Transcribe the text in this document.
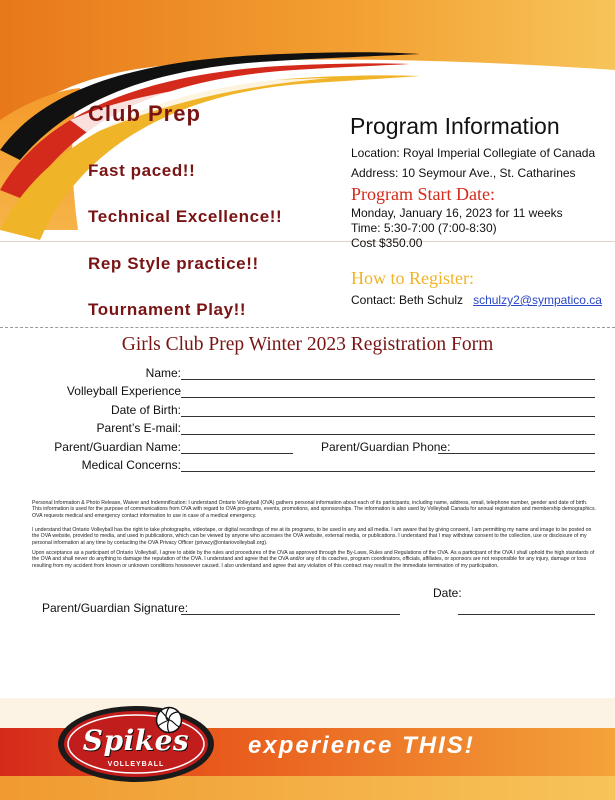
Club Prep
Fast paced!!
Technical Excellence!!
Rep Style practice!!
Tournament Play!!
Program Information
Location: Royal Imperial Collegiate of Canada
Address: 10 Seymour Ave., St. Catharines
Program Start Date:
Monday, January 16, 2023 for 11 weeks
Time: 5:30-7:00 (7:00-8:30)
Cost $350.00
How to Register:
Contact: Beth Schulz schulzy2@sympatico.ca
Girls Club Prep Winter 2023 Registration Form
Name:
Volleyball Experience
Date of Birth:
Parent’s E-mail:
Parent/Guardian Name:	Parent/Guardian Phone:
Medical Concerns:
Personal Information & Photo Release, Waiver and Indemnification: I understand Ontario Volleyball (OVA) gathers personal information about each of its participants, including name, address, email, telephone number, gender and date of birth. This information is used for the purpose of communications from OVA with regard to OVA pro-grams, events, promotions, and sponsorships. The information is also used by Volleyball Canada for annual registration and membership demographics. OVA requests medical and emergency contact information to use in case of a medical emergency.
I understand that Ontario Volleyball has the right to take photographs, videotape, or digital recordings of me at its programs, to be used in any and all media. I am aware that by giving consent, I am permitting my name and image to be posted on the OVA website, provided to media, and used in publications, which can be viewed by anyone who accesses the OVA website, external media, or publications. I understand that I may withdraw consent to the collection, use or disclosure of my personal information at any time by contacting the OVA Privacy Officer (privacy@ontariovolleyball.org).
Upon acceptance as a participant of Ontario Volleyball, I agree to abide by the rules and procedures of the OVA as approved through the By-Laws, Rules and Regulations of the OVA. As a participant of the OVA I shall uphold the high standards of the OVA and shall never do anything to damage the reputation of the OVA. I understand and agree that the OVA and/or any of its coaches, program coordinators, officials, affiliates, or sponsors are not responsible for any injury, damage or loss resulting from my accident from known or unknown conditions howsoever caused. I also understand and agree that any violation of this contract may result in the immediate termination of my participation.
Date:
Parent/Guardian Signature:
Spikes
VOLLEYBALL
experience THIS!
